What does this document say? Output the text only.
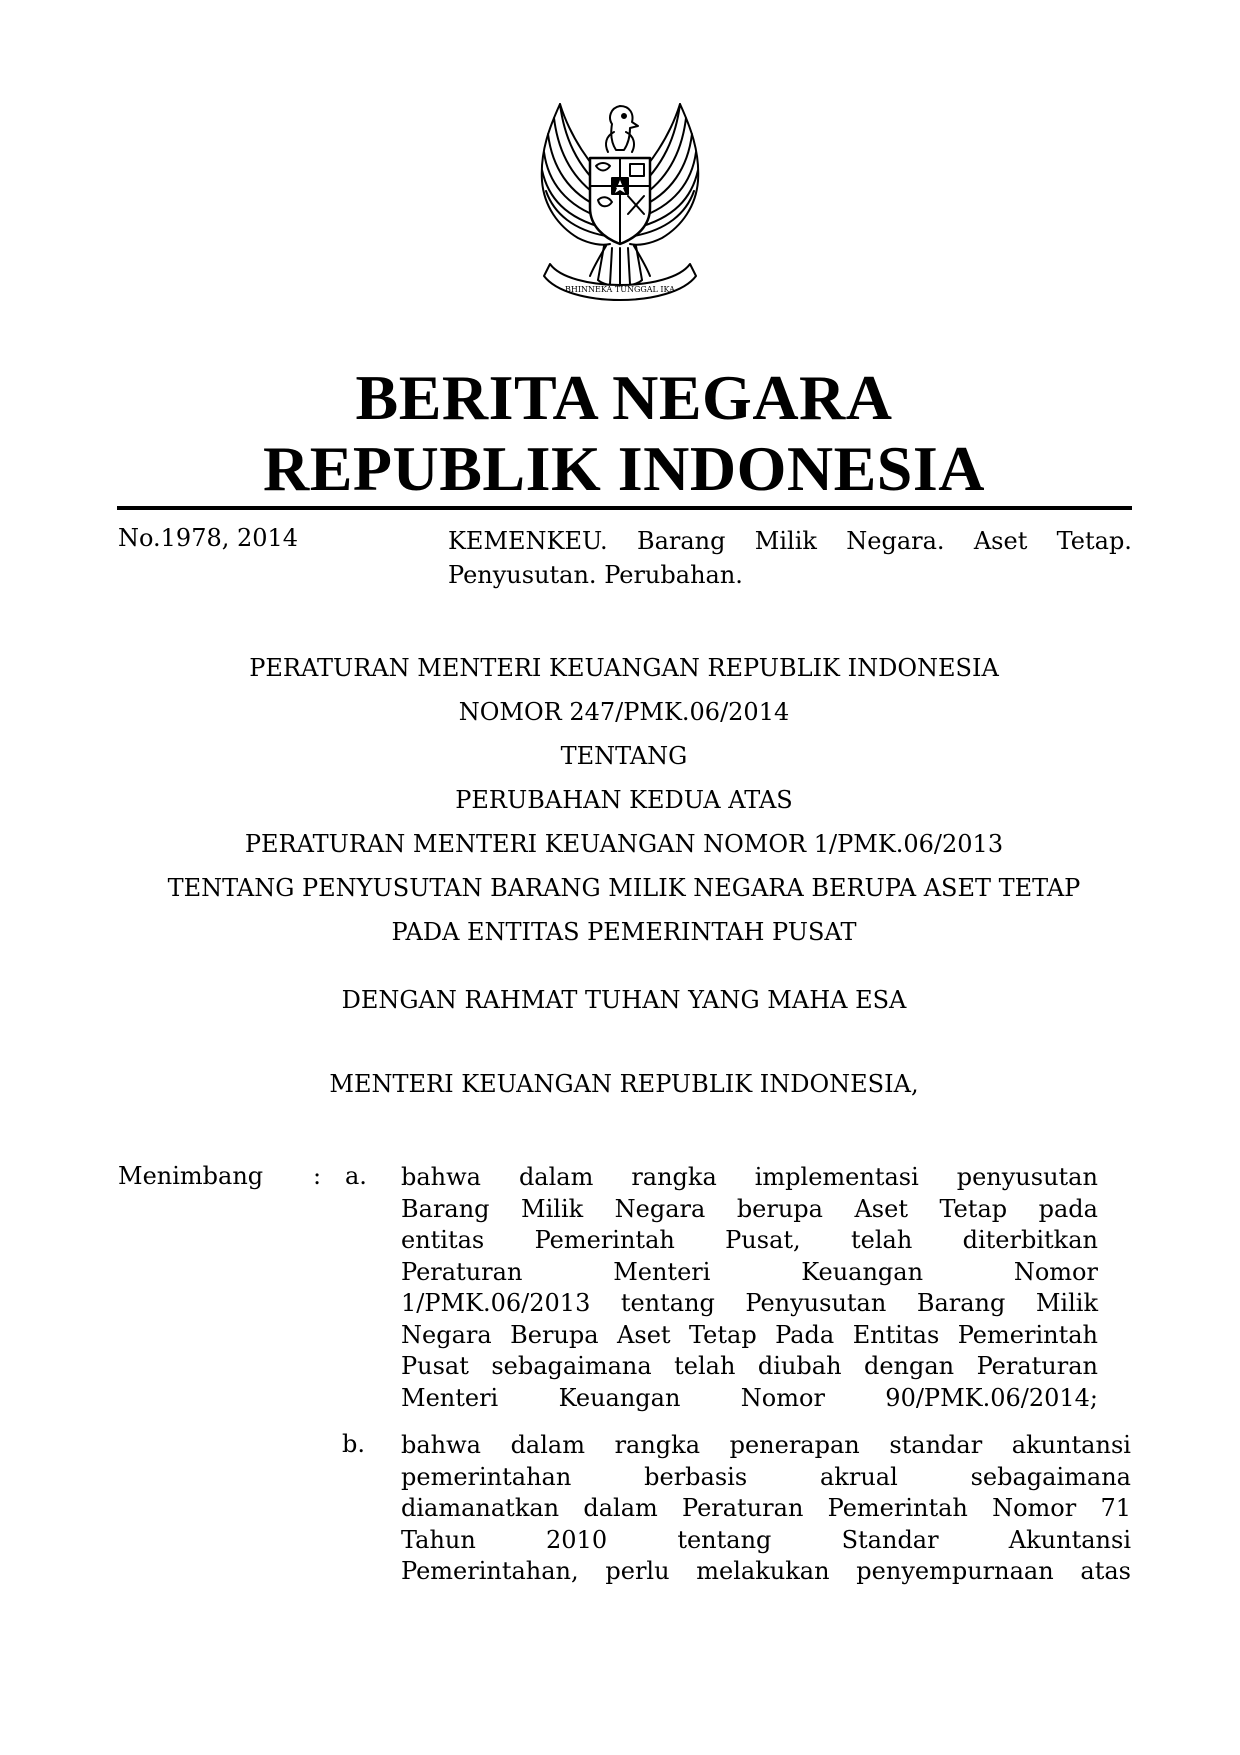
BHINNEKA TUNGGAL IKA
BERITA NEGARA
REPUBLIK INDONESIA
No.1978, 2014	KEMENKEU. Barang Milik Negara. Aset Tetap.
Penyusutan. Perubahan.
PERATURAN MENTERI KEUANGAN REPUBLIK INDONESIA
NOMOR 247/PMK.06/2014
TENTANG
PERUBAHAN KEDUA ATAS
PERATURAN MENTERI KEUANGAN NOMOR 1/PMK.06/2013
TENTANG PENYUSUTAN BARANG MILIK NEGARA BERUPA ASET TETAP
PADA ENTITAS PEMERINTAH PUSAT
DENGAN RAHMAT TUHAN YANG MAHA ESA
MENTERI KEUANGAN REPUBLIK INDONESIA,
Menimbang : a. bahwa dalam rangka implementasi penyusutan
Barang Milik Negara berupa Aset Tetap pada
entitas Pemerintah Pusat, telah diterbitkan
Peraturan	Menteri	Keuangan	Nomor
1/PMK.06/2013 tentang Penyusutan Barang Milik
Negara Berupa Aset Tetap Pada Entitas Pemerintah
Pusat sebagaimana telah diubah dengan Peraturan
Menteri	Keuangan	Nomor	90/PMK.06/2014;
b. bahwa dalam rangka penerapan standar akuntansi
pemerintahan	berbasis	akrual	sebagaimana
diamanatkan dalam Peraturan Pemerintah Nomor 71
Tahun	2010	tentang	Standar	Akuntansi
Pemerintahan, perlu melakukan penyempurnaan atas
